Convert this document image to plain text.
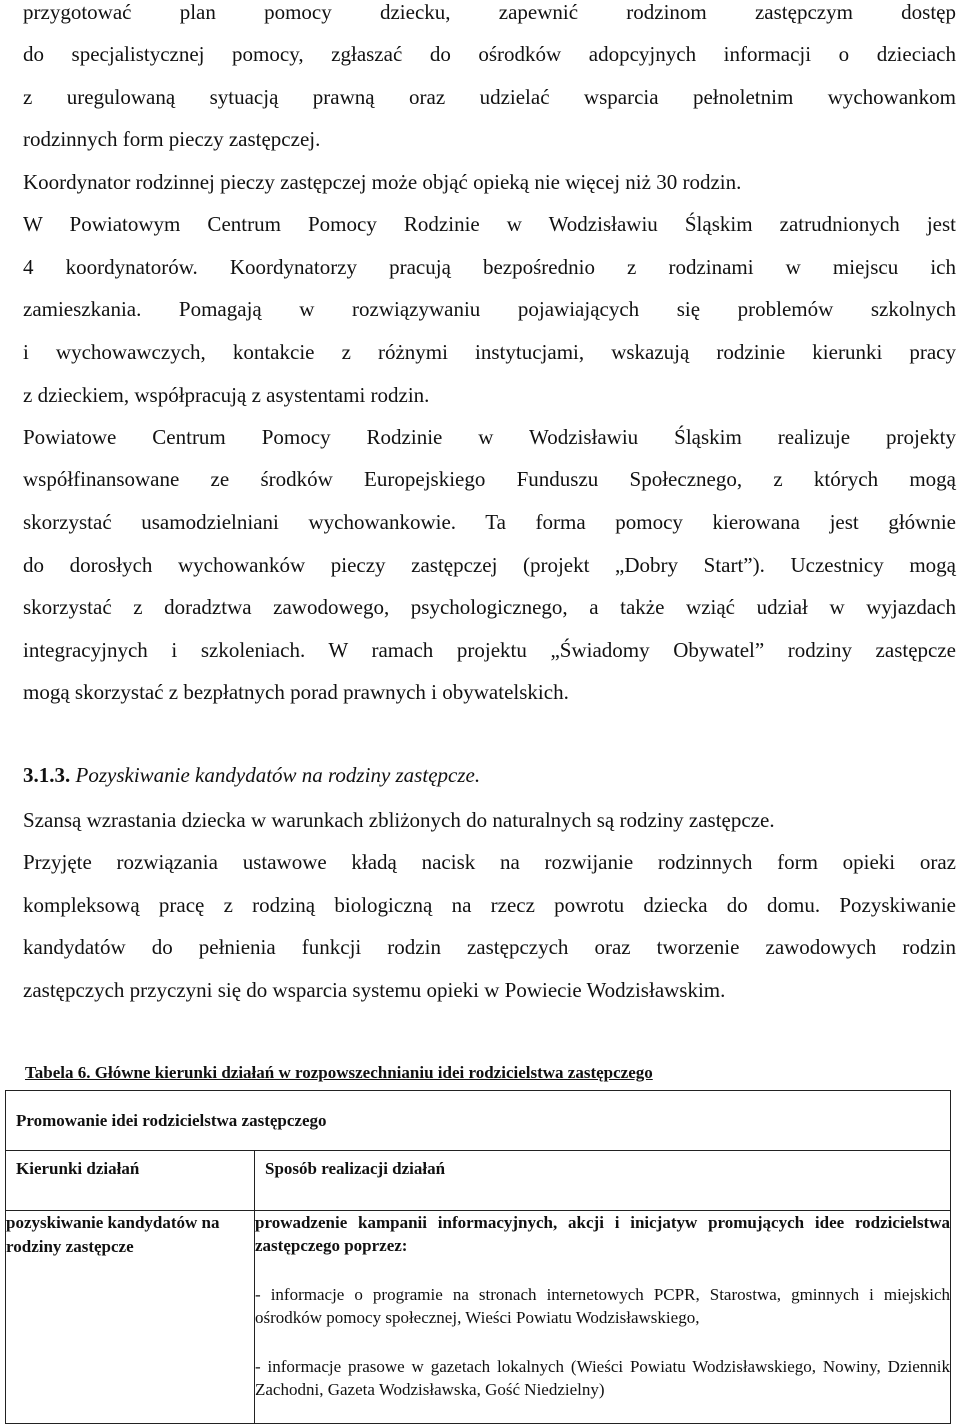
przygotować plan pomocy dziecku, zapewnić rodzinom zastępczym dostęp
do specjalistycznej pomocy, zgłaszać do ośrodków adopcyjnych informacji o dzieciach
z uregulowaną sytuacją prawną oraz udzielać wsparcia pełnoletnim wychowankom
rodzinnych form pieczy zastępczej.
Koordynator rodzinnej pieczy zastępczej może objąć opieką nie więcej niż 30 rodzin.
W Powiatowym Centrum Pomocy Rodzinie w Wodzisławiu Śląskim zatrudnionych jest
4 koordynatorów. Koordynatorzy pracują bezpośrednio z rodzinami w miejscu ich
zamieszkania. Pomagają w rozwiązywaniu pojawiających się problemów szkolnych
i wychowawczych, kontakcie z różnymi instytucjami, wskazują rodzinie kierunki pracy
z dzieckiem, współpracują z asystentami rodzin.
Powiatowe Centrum Pomocy Rodzinie w Wodzisławiu Śląskim realizuje projekty
współfinansowane ze środków Europejskiego Funduszu Społecznego, z których mogą
skorzystać usamodzielniani wychowankowie. Ta forma pomocy kierowana jest głównie
do dorosłych wychowanków pieczy zastępczej (projekt „Dobry Start”). Uczestnicy mogą
skorzystać z doradztwa zawodowego, psychologicznego, a także wziąć udział w wyjazdach
integracyjnych i szkoleniach. W ramach projektu „Świadomy Obywatel” rodziny zastępcze
mogą skorzystać z bezpłatnych porad prawnych i obywatelskich.
3.1.3. Pozyskiwanie kandydatów na rodziny zastępcze.
Szansą wzrastania dziecka w warunkach zbliżonych do naturalnych są rodziny zastępcze.
Przyjęte rozwiązania ustawowe kładą nacisk na rozwijanie rodzinnych form opieki oraz
kompleksową pracę z rodziną biologiczną na rzecz powrotu dziecka do domu. Pozyskiwanie
kandydatów do pełnienia funkcji rodzin zastępczych oraz tworzenie zawodowych rodzin
zastępczych przyczyni się do wsparcia systemu opieki w Powiecie Wodzisławskim.
Tabela 6. Główne kierunki działań w rozpowszechnianiu idei rodzicielstwa zastępczego
Promowanie idei rodzicielstwa zastępczego	
Kierunki działań	Sposób realizacji działań

pozyskiwanie kandydatów na rodziny zastępcze	prowadzenie kampanii informacyjnych, akcji i inicjatyw promujących idee rodzicielstwa zastępczego poprzez:
- informacje o programie na stronach internetowych PCPR, Starostwa, gminnych i miejskich ośrodków pomocy społecznej, Wieści Powiatu Wodzisławskiego,
- informacje prasowe w gazetach lokalnych (Wieści Powiatu Wodzisławskiego, Nowiny, Dziennik Zachodni, Gazeta Wodzisławska, Gość Niedzielny)
